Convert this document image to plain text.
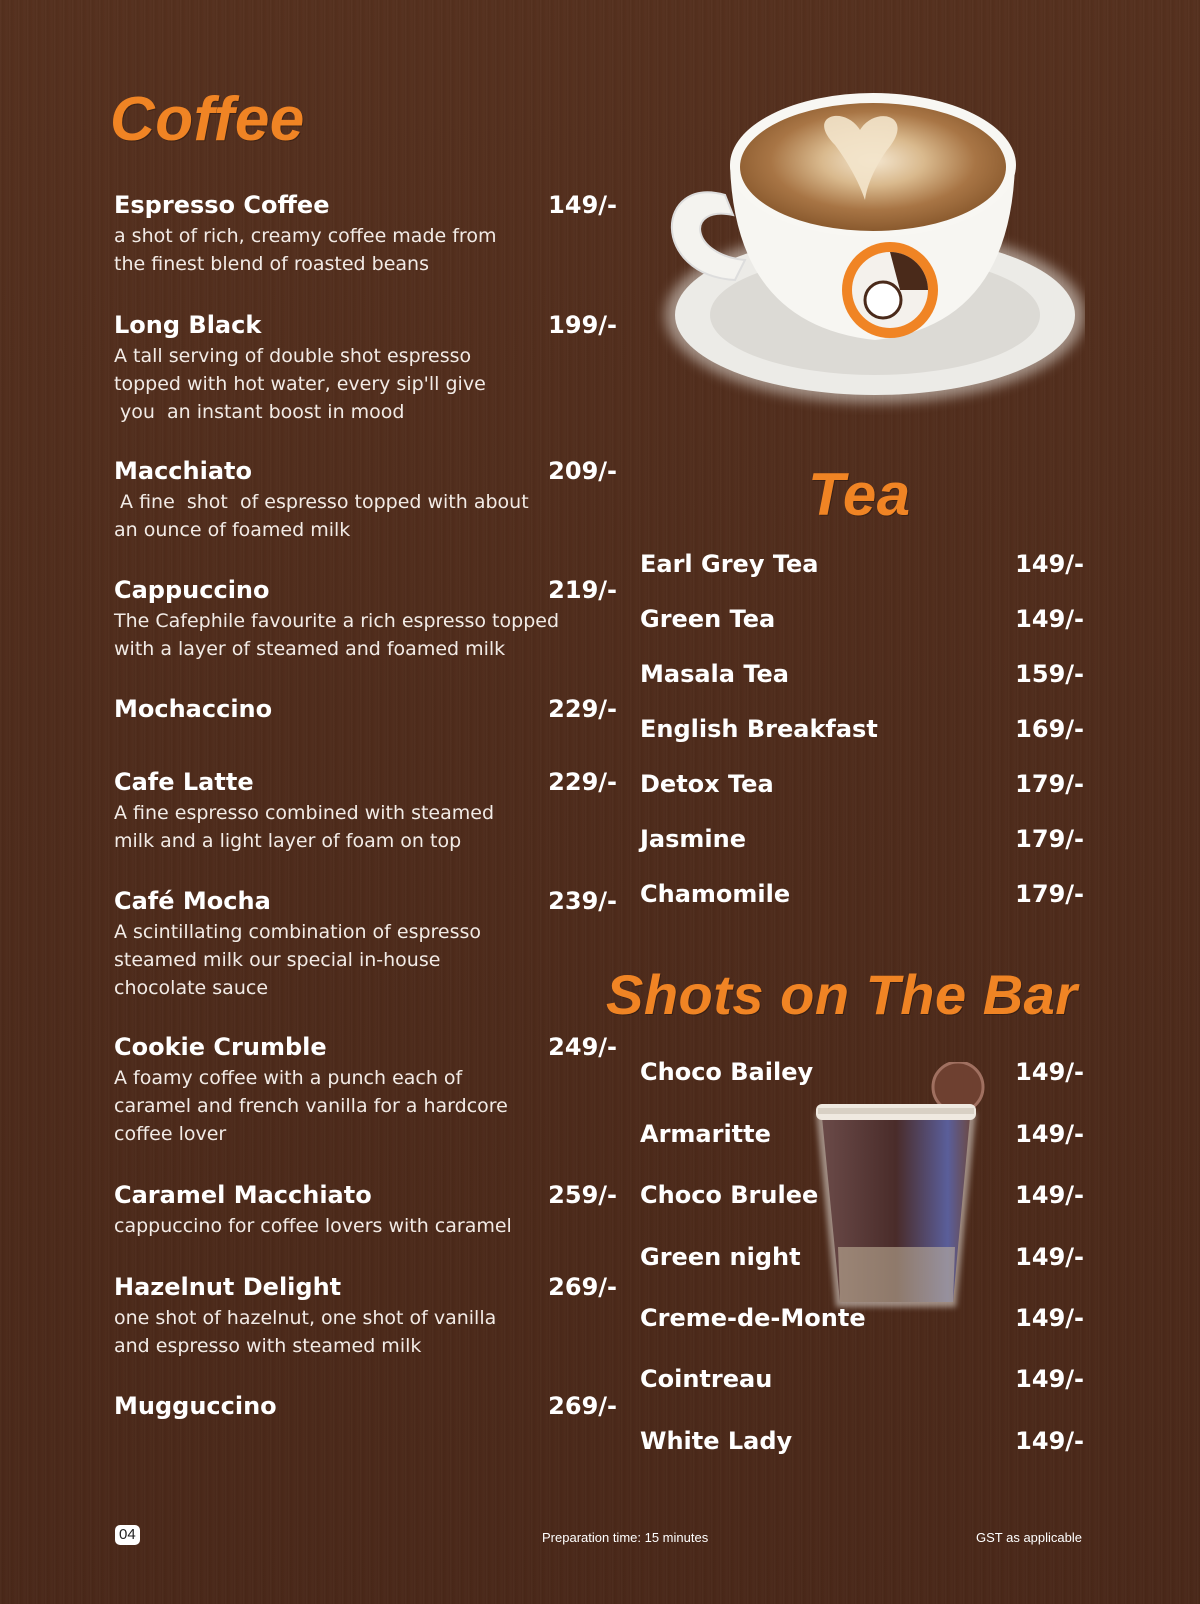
Coffee
Espresso Coffee	149/-
a shot of rich, creamy coffee made from
the finest blend of roasted beans
Long Black	199/-
A tall serving of double shot espresso
topped with hot water, every sip'll give
you  an instant boost in mood
Macchiato	209/-
A fine  shot  of espresso topped with about
an ounce of foamed milk
Cappuccino	219/-
The Cafephile favourite a rich espresso topped
with a layer of steamed and foamed milk
Mochaccino	229/-
Cafe Latte	229/-
A fine espresso combined with steamed
milk and a light layer of foam on top
Café Mocha	239/-
A scintillating combination of espresso
steamed milk our special in-house
chocolate sauce
Cookie Crumble	249/-
A foamy coffee with a punch each of
caramel and french vanilla for a hardcore
coffee lover
Caramel Macchiato	259/-
cappuccino for coffee lovers with caramel
Hazelnut Delight	269/-
one shot of hazelnut, one shot of vanilla
and espresso with steamed milk
Mugguccino	269/-
Tea
Earl Grey Tea	149/-
Green Tea	149/-
Masala Tea	159/-
English Breakfast	169/-
Detox Tea	179/-
Jasmine	179/-
Chamomile	179/-
Shots on The Bar
Choco Bailey	149/-
Armaritte	149/-
Choco Brulee	149/-
Green night	149/-
Creme-de-Monte	149/-
Cointreau	149/-
White Lady	149/-
04	Preparation time: 15 minutes	GST as applicable
